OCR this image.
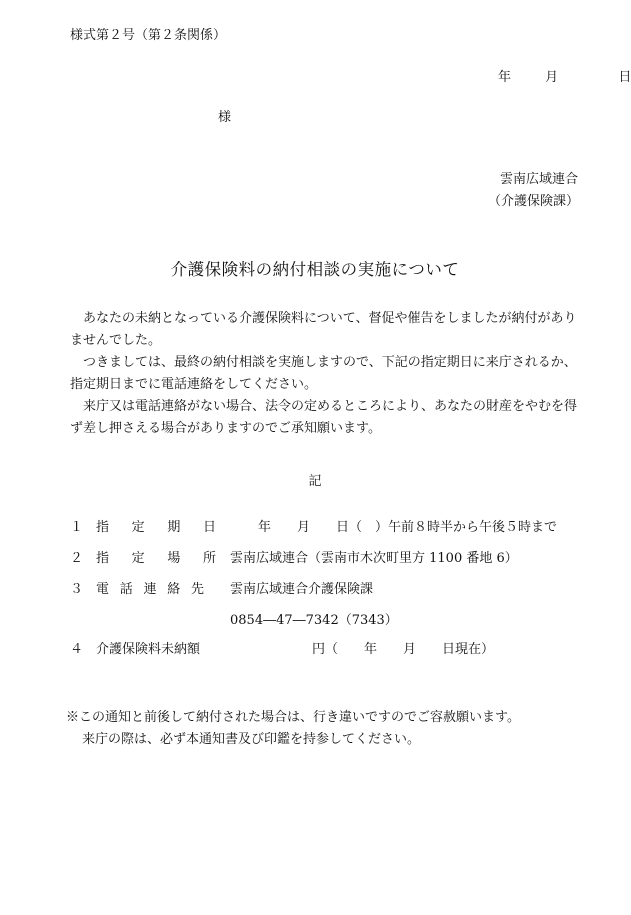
様式第２号（第２条関係）
年	月	日
様
雲南広域連合
（介護保険課）
介護保険料の納付相談の実施について

あなたの未納となっている介護保険料について、督促や催告をしましたが納付がありませんでした。

つきましては、最終の納付相談を実施しますので、下記の指定期日に来庁されるか、指定期日までに電話連絡をしてください。

来庁又は電話連絡がない場合、法令の定めるところにより、あなたの財産をやむを得ず差し押さえる場合がありますのでご承知願います。

記
１ 指 定 期 日	年　　月　　日（　）午前８時半から午後５時まで
２ 指 定 場 所 雲南広域連合（雲南市木次町里方 1100 番地 6）
３ 電 話 連 絡 先 雲南広域連合介護保険課
0854―47―7342（7343）
４ 介護保険料未納額	円（　　年　　月　　日現在）
※この通知と前後して納付された場合は、行き違いですのでご容赦願います。
来庁の際は、必ず本通知書及び印鑑を持参してください。
